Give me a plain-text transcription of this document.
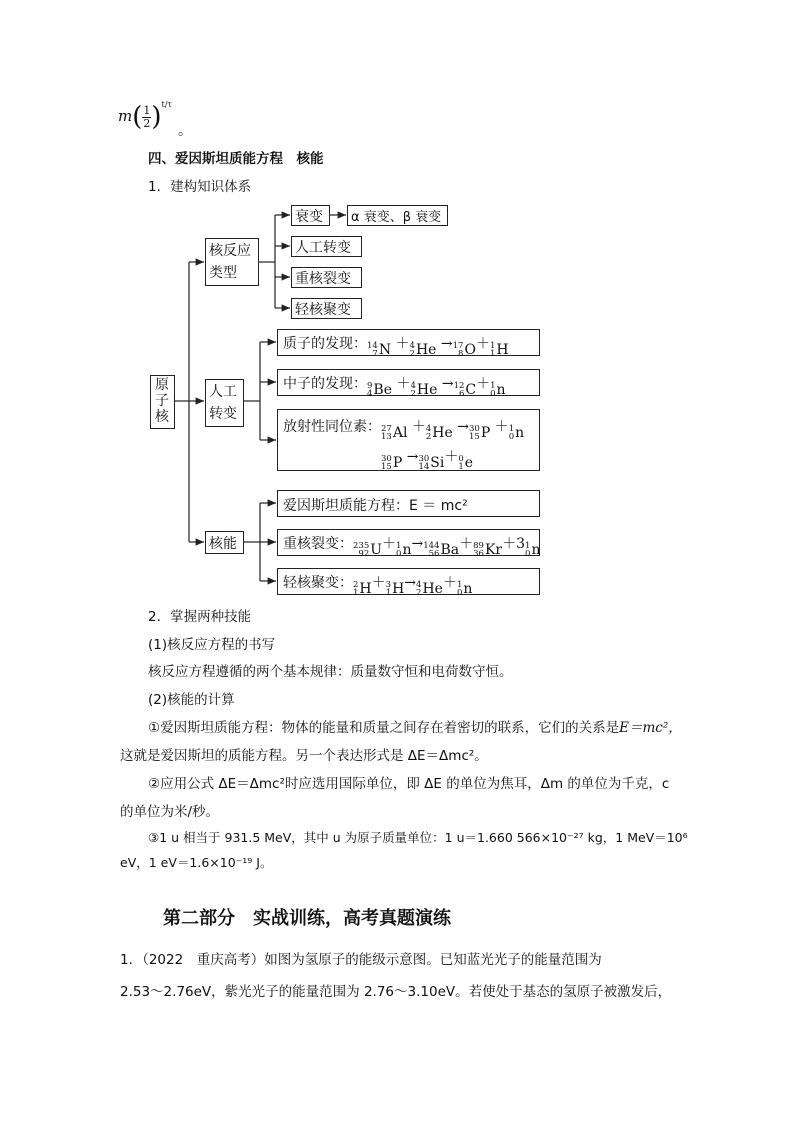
$m( \frac{1}{2} )^{t/\tau}$
。
四、爱因斯坦质能方程　核能
1．建构知识体系
原
子
核
核反应
类型
衰变 α 衰变、β 衰变
人工转变
重核裂变
轻核聚变
人工
转变
质子的发现： 14
7 N ＋ 4
2 He → 17
8 O＋ 1
1 H
中子的发现： 9
4 Be ＋ 4
2 He → 12
6 C＋ 1
0 n
放射性同位素： 27
13 Al ＋ 4
2 He → 30
15 P ＋ 1
0 n
30
15 P → 30
14 Si＋ 0
1 e
核能
爱因斯坦质能方程：E ＝ mc²
重核裂变： 235
92 U＋ 1
0 n→ 144
56 Ba＋ 89
36 Kr＋3 1
0 n
轻核聚变： 2
1 H＋ 3
1 H→ 4
2 He＋ 1
0 n
2．掌握两种技能
(1)核反应方程的书写
核反应方程遵循的两个基本规律：质量数守恒和电荷数守恒。
(2)核能的计算
①爱因斯坦质能方程：物体的能量和质量之间存在着密切的联系，它们的关系是E＝mc²，
这就是爱因斯坦的质能方程。另一个表达形式是 ΔE＝Δmc²。
②应用公式 ΔE＝Δmc²时应选用国际单位，即 ΔE 的单位为焦耳，Δm 的单位为千克，c
的单位为米/秒。
③1 u 相当于 931.5 MeV，其中 u 为原子质量单位：1 u＝1.660 566×10⁻²⁷ kg，1 MeV＝10⁶
eV，1 eV＝1.6×10⁻¹⁹ J。
第二部分　实战训练，高考真题演练
1．（2022　重庆高考）如图为氢原子的能级示意图。已知蓝光光子的能量范围为
2.53～2.76eV，紫光光子的能量范围为 2.76～3.10eV。若使处于基态的氢原子被激发后，
